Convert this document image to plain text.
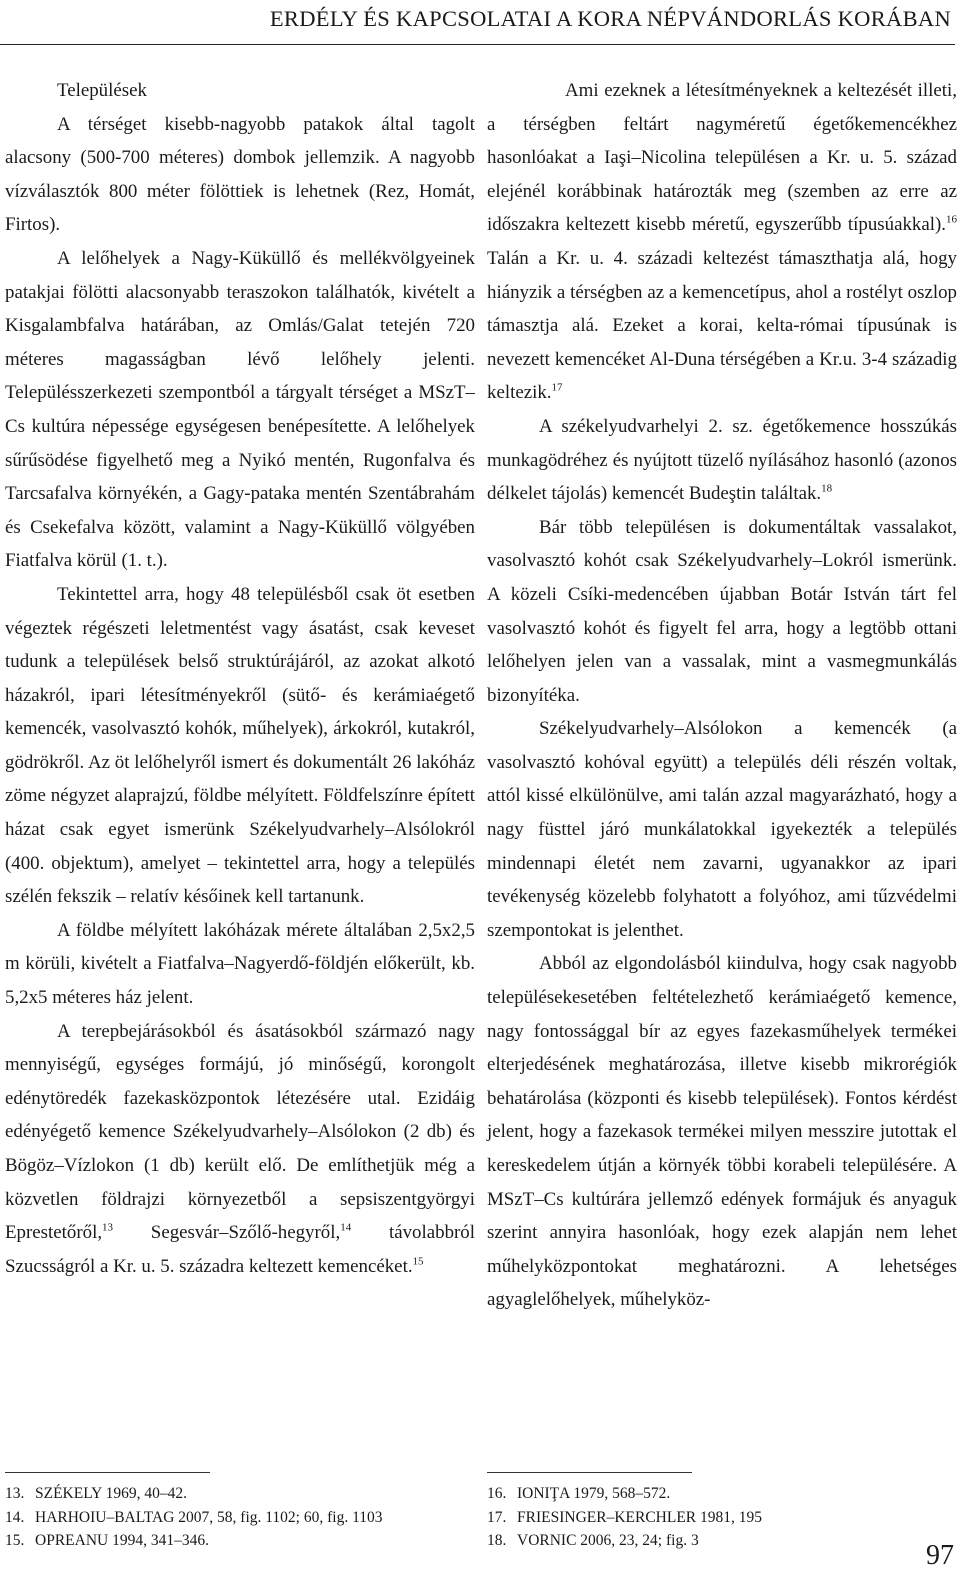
ERDÉLY ÉS KAPCSOLATAI A KORA NÉPVÁNDORLÁS KORÁBAN

Települések

A térséget kisebb-nagyobb patakok által tagolt alacsony (500-700 méteres) dombok jellemzik. A nagyobb vízválasztók 800 méter fölöttiek is lehetnek (Rez, Homát, Firtos).

A lelőhelyek a Nagy-Küküllő és mellékvölgyeinek patakjai fölötti alacsonyabb teraszokon találhatók, kivételt a Kisgalambfalva határában, az Omlás/Galat tetején 720 méteres magasságban lévő lelőhely jelenti. Településszerkezeti szempontból a tárgyalt térséget a MSzT–Cs kultúra népessége egységesen benépesítette. A lelőhelyek sűrűsödése figyelhető meg a Nyikó mentén, Rugonfalva és Tarcsafalva környékén, a Gagy-pataka mentén Szentábrahám és Csekefalva között, valamint a Nagy-Küküllő völgyében Fiatfalva körül (1. t.).

Tekintettel arra, hogy 48 településből csak öt esetben végeztek régészeti leletmentést vagy ásatást, csak keveset tudunk a települések belső struktúrájáról, az azokat alkotó házakról, ipari létesítményekről (sütő- és kerámiaégető kemencék, vasolvasztó kohók, műhelyek), árkokról, kutakról, gödrökről. Az öt lelőhelyről ismert és dokumentált 26 lakóház zöme négyzet alaprajzú, földbe mélyített. Földfelszínre épített házat csak egyet ismerünk Székelyudvarhely–Alsólokról (400. objektum), amelyet – tekintettel arra, hogy a település szélén fekszik – relatív későinek kell tartanunk.

A földbe mélyített lakóházak mérete általában 2,5x2,5 m körüli, kivételt a Fiatfalva–Nagyerdő-földjén előkerült, kb. 5,2x5 méteres ház jelent.

A terepbejárásokból és ásatásokból származó nagy mennyiségű, egységes formájú, jó minőségű, korongolt edénytöredék fazekasközpontok létezésére utal. Ezidáig edényégető kemence Székelyudvarhely–Alsólokon (2 db) és Bögöz–Vízlokon (1 db) került elő. De említhetjük még a közvetlen földrajzi környezetből a sepsiszentgyörgyi Eprestetőről,$^{13}$ Segesvár–Szőlő-hegyről,$^{14}$ távolabbról Szucsságról a Kr. u. 5. századra keltezett kemencéket.$^{15}$

Ami ezeknek a létesítményeknek a keltezését illeti, a térségben feltárt nagyméretű égetőkemencékhez hasonlóakat a Iaşi–Nicolina településen a Kr. u. 5. század elejénél korábbinak határozták meg (szemben az erre az időszakra keltezett kisebb méretű, egyszerűbb típusúakkal).$^{16}$ Talán a Kr. u. 4. századi keltezést támaszthatja alá, hogy hiányzik a térségben az a kemencetípus, ahol a rostélyt oszlop támasztja alá. Ezeket a korai, kelta-római típusúnak is nevezett kemencéket Al-Duna térségében a Kr.u. 3-4 századig keltezik.$^{17}$

A székelyudvarhelyi 2. sz. égetőkemence hosszúkás munkagödréhez és nyújtott tüzelő nyílásához hasonló (azonos délkelet tájolás) kemencét Budeştin találtak.$^{18}$

Bár több településen is dokumentáltak vassalakot, vasolvasztó kohót csak Székelyudvarhely–Lokról ismerünk. A közeli Csíki-medencében újabban Botár István tárt fel vasolvasztó kohót és figyelt fel arra, hogy a legtöbb ottani lelőhelyen jelen van a vassalak, mint a vasmegmunkálás bizonyítéka.

Székelyudvarhely–Alsólokon a kemencék (a vasolvasztó kohóval együtt) a település déli részén voltak, attól kissé elkülönülve, ami talán azzal magyarázható, hogy a nagy füsttel járó munkálatokkal igyekezték a település mindennapi életét nem zavarni, ugyanakkor az ipari tevékenység közelebb folyhatott a folyóhoz, ami tűzvédelmi szempontokat is jelenthet.

Abból az elgondolásból kiindulva, hogy csak nagyobb településekesetében feltételezhető kerámiaégető kemence, nagy fontossággal bír az egyes fazekasműhelyek termékei elterjedésének meghatározása, illetve kisebb mikrorégiók behatárolása (központi és kisebb települések). Fontos kérdést jelent, hogy a fazekasok termékei milyen messzire jutottak el kereskedelem útján a környék többi korabeli településére. A MSzT–Cs kultúrára jellemző edények formájuk és anyaguk szerint annyira hasonlóak, hogy ezek alapján nem lehet műhelyközpontokat meghatározni. A lehetséges agyaglelőhelyek, műhelyköz-

13. SZÉKELY 1969, 40–42.
14. HARHOIU–BALTAG 2007, 58, fig. 1102; 60, fig. 1103
15. OPREANU 1994, 341–346.
16. IONIŢA 1979, 568–572.
17. FRIESINGER–KERCHLER 1981, 195
18. VORNIC 2006, 23, 24; fig. 3	97
